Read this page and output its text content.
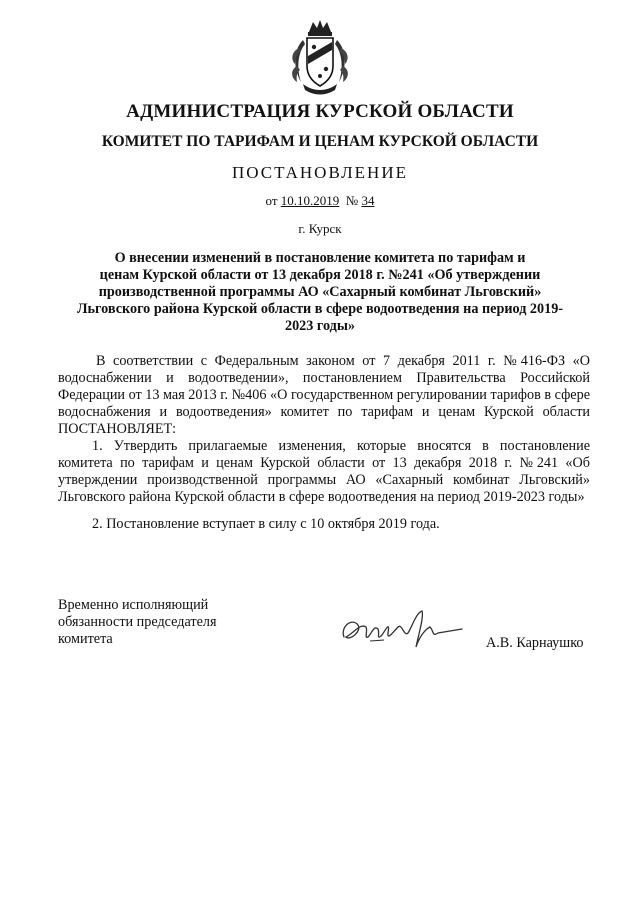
АДМИНИСТРАЦИЯ КУРСКОЙ ОБЛАСТИ
КОМИТЕТ ПО ТАРИФАМ И ЦЕНАМ КУРСКОЙ ОБЛАСТИ
ПОСТАНОВЛЕНИЕ
от 10.10.2019 № 34
г. Курск
О внесении изменений в постановление комитета по тарифам и
ценам Курской области от 13 декабря 2018 г. №241 «Об утверждении
производственной программы АО «Сахарный комбинат Льговский»
Льговского района Курской области в сфере водоотведения на период 2019-
2023 годы»

В соответствии с Федеральным законом от 7 декабря 2011 г. №416-ФЗ «О водоснабжении и водоотведении», постановлением Правительства Российской Федерации от 13 мая 2013 г. №406 «О государственном регулировании тарифов в сфере водоснабжения и водоотведения» комитет по тарифам и ценам Курской области ПОСТАНОВЛЯЕТ:

1. Утвердить прилагаемые изменения, которые вносятся в постановление комитета по тарифам и ценам Курской области от 13 декабря 2018 г. №241 «Об утверждении производственной программы АО «Сахарный комбинат Льговский» Льговского района Курской области в сфере водоотведения на период 2019-2023 годы»

2. Постановление вступает в силу с 10 октября 2019 года.

Временно исполняющий
обязанности председателя
комитета	А.В. Карнаушко
